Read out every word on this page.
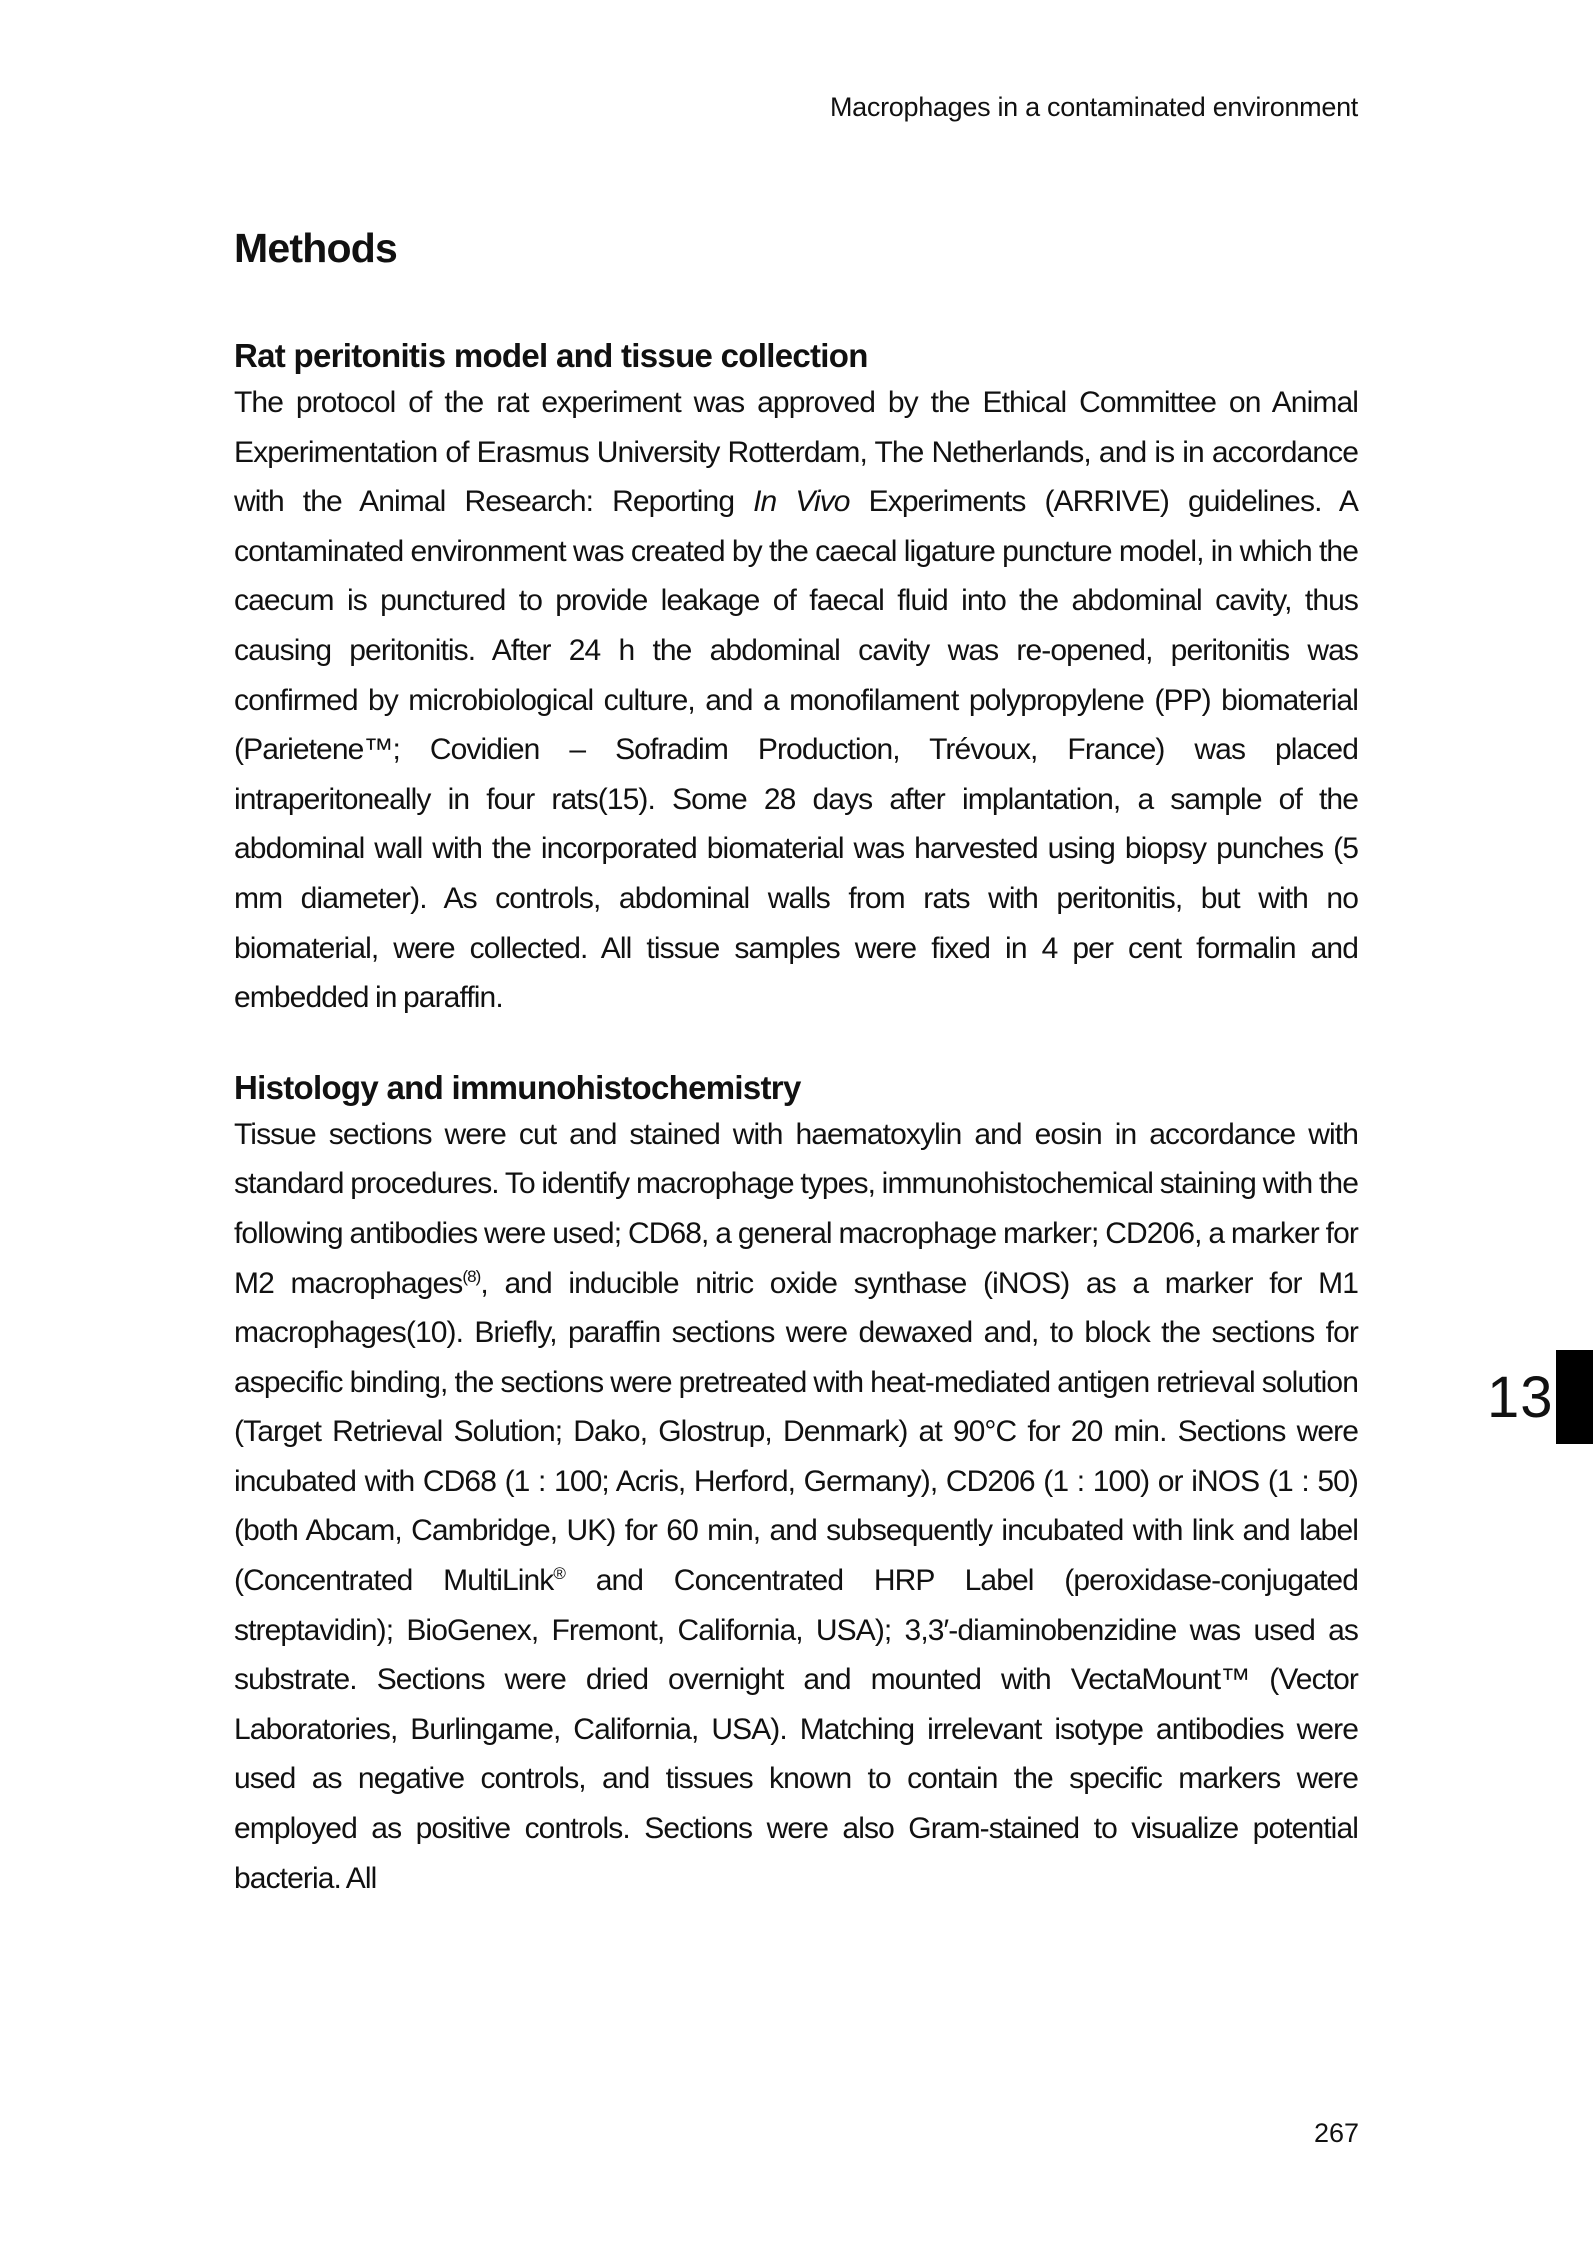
Macrophages in a contaminated environment
Methods
Rat peritonitis model and tissue collection

The protocol of the rat experiment was approved by the Ethical Committee on Animal Experimentation of Erasmus University Rotterdam, The Netherlands, and is in accordance with the Animal Research: Reporting In Vivo Experiments (ARRIVE) guidelines. A contaminated environment was created by the caecal ligature puncture model, in which the caecum is punctured to provide leakage of faecal fluid into the abdominal cavity, thus causing peritonitis. After 24 h the abdominal cavity was re-opened, peritonitis was confirmed by microbiological culture, and a monofilament polypropylene (PP) biomaterial (Parietene™; Covidien – Sofradim Production, Trévoux, France) was placed intraperitoneally in four rats(15). Some 28 days after implantation, a sample of the abdominal wall with the incorporated biomaterial was harvested using biopsy punches (5 mm diameter). As controls, abdominal walls from rats with peritonitis, but with no biomaterial, were collected. All tissue samples were fixed in 4 per cent formalin and embedded in paraffin.

Histology and immunohistochemistry

Tissue sections were cut and stained with haematoxylin and eosin in accordance with standard procedures. To identify macrophage types, immunohistochemical staining with the following antibodies were used; CD68, a general macrophage marker; CD206, a marker for M2 macrophages$^{(8)}$, and inducible nitric oxide synthase (iNOS) as a marker for M1 macrophages(10). Briefly, paraffin sections were dewaxed and, to block the sections for aspecific binding, the sections were pretreated with heat-mediated antigen retrieval solution (Target Retrieval Solution; Dako, Glostrup, Denmark) at 90°C for 20 min. Sections were incubated with CD68 (1 : 100; Acris, Herford, Germany), CD206 (1 : 100) or iNOS (1 : 50) (both Abcam, Cambridge, UK) for 60 min, and subsequently incubated with link and label (Concentrated MultiLink® and Concentrated HRP Label (peroxidase-conjugated streptavidin); BioGenex, Fremont, California, USA); 3,3′-diaminobenzidine was used as substrate. Sections were dried overnight and mounted with VectaMount™ (Vector Laboratories, Burlingame, California, USA). Matching irrelevant isotype antibodies were used as negative controls, and tissues known to contain the specific markers were employed as positive controls. Sections were also Gram-stained to visualize potential bacteria. All

13
267
